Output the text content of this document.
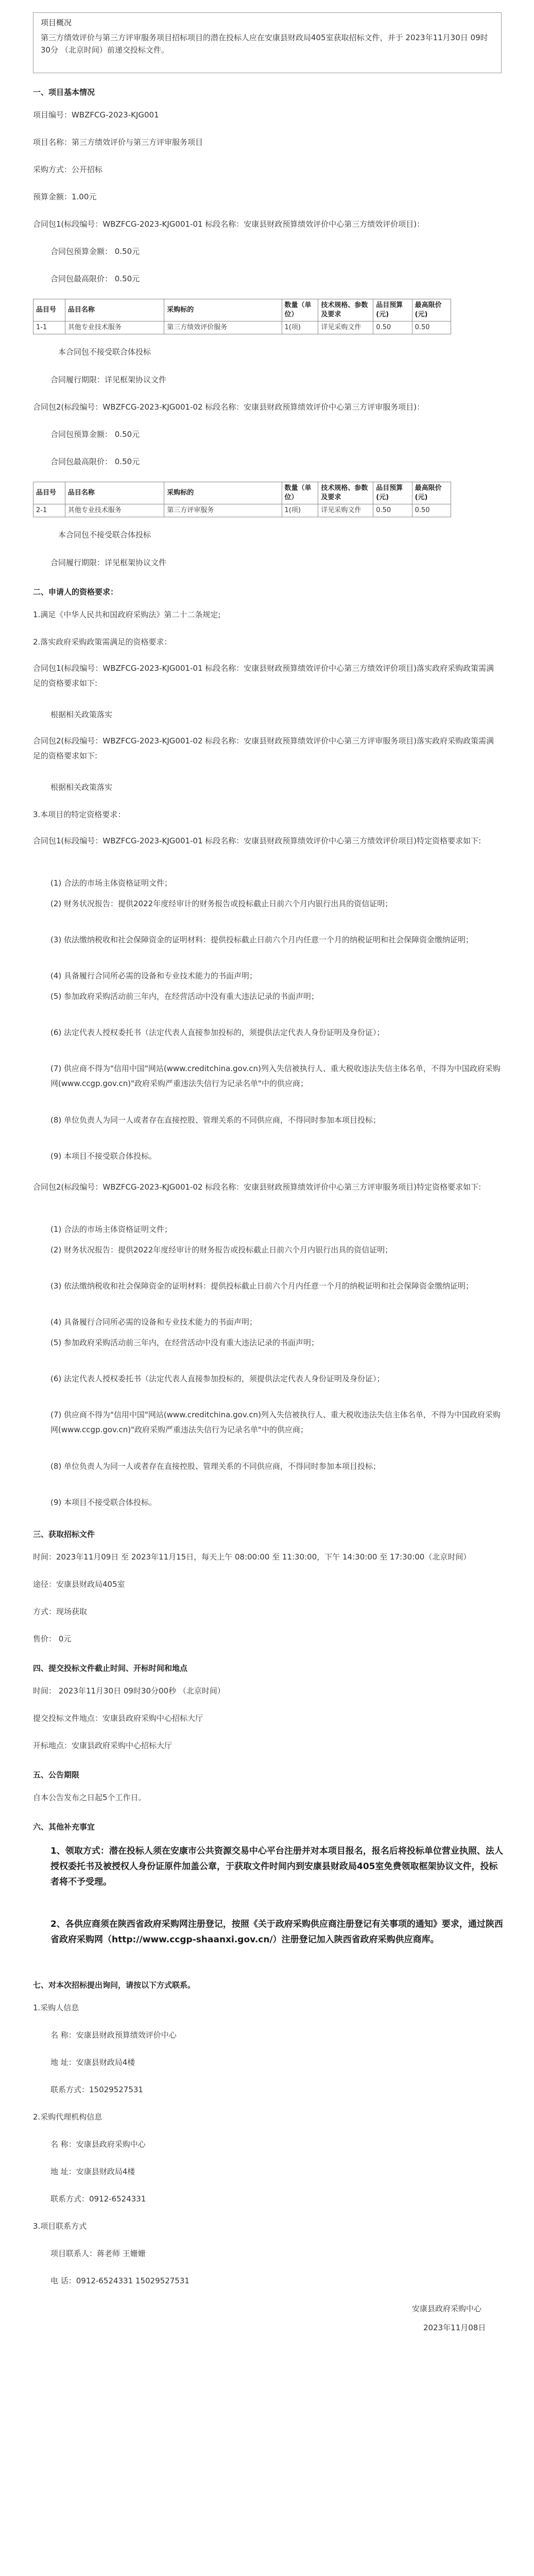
项目概况

第三方绩效评价与第三方评审服务项目招标项目的潜在投标人应在安康县财政局405室获取招标文件，并于 2023年11月30日 09时30分 （北京时间）前递交投标文件。

一、项目基本情况
项目编号：WBZFCG-2023-KJG001
项目名称：第三方绩效评价与第三方评审服务项目
采购方式：公开招标
预算金额：1.00元
合同包1(标段编号：WBZFCG-2023-KJG001-01 标段名称：安康县财政预算绩效评价中心第三方绩效评价项目)：
合同包预算金额： 0.50元
合同包最高限价： 0.50元
品目号	品目名称	采购标的	数量（单位）	技术规格、参数及要求	品目预算(元)	最高限价(元)
1-1	其他专业技术服务	第三方绩效评价服务	1(项)	详见采购文件	0.50	0.50
本合同包不接受联合体投标
合同履行期限：详见框架协议文件
合同包2(标段编号：WBZFCG-2023-KJG001-02 标段名称：安康县财政预算绩效评价中心第三方评审服务项目)：
合同包预算金额： 0.50元
合同包最高限价： 0.50元
品目号	品目名称	采购标的	数量（单位）	技术规格、参数及要求	品目预算(元)	最高限价(元)
2-1	其他专业技术服务	第三方评审服务	1(项)	详见采购文件	0.50	0.50
本合同包不接受联合体投标
合同履行期限：详见框架协议文件
二、申请人的资格要求：
1.满足《中华人民共和国政府采购法》第二十二条规定;
2.落实政府采购政策需满足的资格要求：
合同包1(标段编号：WBZFCG-2023-KJG001-01 标段名称：安康县财政预算绩效评价中心第三方绩效评价项目)落实政府采购政策需满足的资格要求如下:
根据相关政策落实
合同包2(标段编号：WBZFCG-2023-KJG001-02 标段名称：安康县财政预算绩效评价中心第三方评审服务项目)落实政府采购政策需满足的资格要求如下:
根据相关政策落实
3.本项目的特定资格要求：
合同包1(标段编号：WBZFCG-2023-KJG001-01 标段名称：安康县财政预算绩效评价中心第三方绩效评价项目)特定资格要求如下:
(1) 合法的市场主体资格证明文件；
(2) 财务状况报告：提供2022年度经审计的财务报告或投标截止日前六个月内银行出具的资信证明；
(3) 依法缴纳税收和社会保障资金的证明材料：提供投标截止日前六个月内任意一个月的纳税证明和社会保障资金缴纳证明；
(4) 具备履行合同所必需的设备和专业技术能力的书面声明；
(5) 参加政府采购活动前三年内，在经营活动中没有重大违法记录的书面声明；
(6) 法定代表人授权委托书（法定代表人直接参加投标的，须提供法定代表人身份证明及身份证）；
(7) 供应商不得为"信用中国"网站(www.creditchina.gov.cn)列入失信被执行人、重大税收违法失信主体名单，不得为中国政府采购网(www.ccgp.gov.cn)"政府采购严重违法失信行为记录名单"中的供应商；
(8) 单位负责人为同一人或者存在直接控股、管理关系的不同供应商，不得同时参加本项目投标；
(9) 本项目不接受联合体投标。
合同包2(标段编号：WBZFCG-2023-KJG001-02 标段名称：安康县财政预算绩效评价中心第三方评审服务项目)特定资格要求如下:
(1) 合法的市场主体资格证明文件；
(2) 财务状况报告：提供2022年度经审计的财务报告或投标截止日前六个月内银行出具的资信证明；
(3) 依法缴纳税收和社会保障资金的证明材料：提供投标截止日前六个月内任意一个月的纳税证明和社会保障资金缴纳证明；
(4) 具备履行合同所必需的设备和专业技术能力的书面声明；
(5) 参加政府采购活动前三年内，在经营活动中没有重大违法记录的书面声明；
(6) 法定代表人授权委托书（法定代表人直接参加投标的，须提供法定代表人身份证明及身份证）；
(7) 供应商不得为"信用中国"网站(www.creditchina.gov.cn)列入失信被执行人、重大税收违法失信主体名单，不得为中国政府采购网(www.ccgp.gov.cn)"政府采购严重违法失信行为记录名单"中的供应商；
(8) 单位负责人为同一人或者存在直接控股、管理关系的不同供应商，不得同时参加本项目投标；
(9) 本项目不接受联合体投标。
三、获取招标文件
时间：2023年11月09日 至 2023年11月15日，每天上午 08:00:00 至 11:30:00，下午 14:30:00 至 17:30:00（北京时间）
途径：安康县财政局405室
方式：现场获取
售价： 0元
四、提交投标文件截止时间、开标时间和地点
时间： 2023年11月30日 09时30分00秒 （北京时间）
提交投标文件地点：安康县政府采购中心招标大厅
开标地点：安康县政府采购中心招标大厅
五、公告期限
自本公告发布之日起5个工作日。
六、其他补充事宜
1、领取方式：潜在投标人须在安康市公共资源交易中心平台注册并对本项目报名，报名后将投标单位营业执照、法人授权委托书及被授权人身份证原件加盖公章，于获取文件时间内到安康县财政局405室免费领取框架协议文件，投标者将不予受理。
2、各供应商须在陕西省政府采购网注册登记，按照《关于政府采购供应商注册登记有关事项的通知》要求，通过陕西省政府采购网（http://www.ccgp-shaanxi.gov.cn/）注册登记加入陕西省政府采购供应商库。
七、对本次招标提出询问，请按以下方式联系。
1.采购人信息
名 称：安康县财政预算绩效评价中心
地 址：安康县财政局4楼
联系方式：15029527531
2.采购代理机构信息
名 称：安康县政府采购中心
地 址：安康县财政局4楼
联系方式：0912-6524331
3.项目联系方式
项目联系人：蒋老师 王姗姗
电 话：0912-6524331 15029527531
安康县政府采购中心
2023年11月08日
